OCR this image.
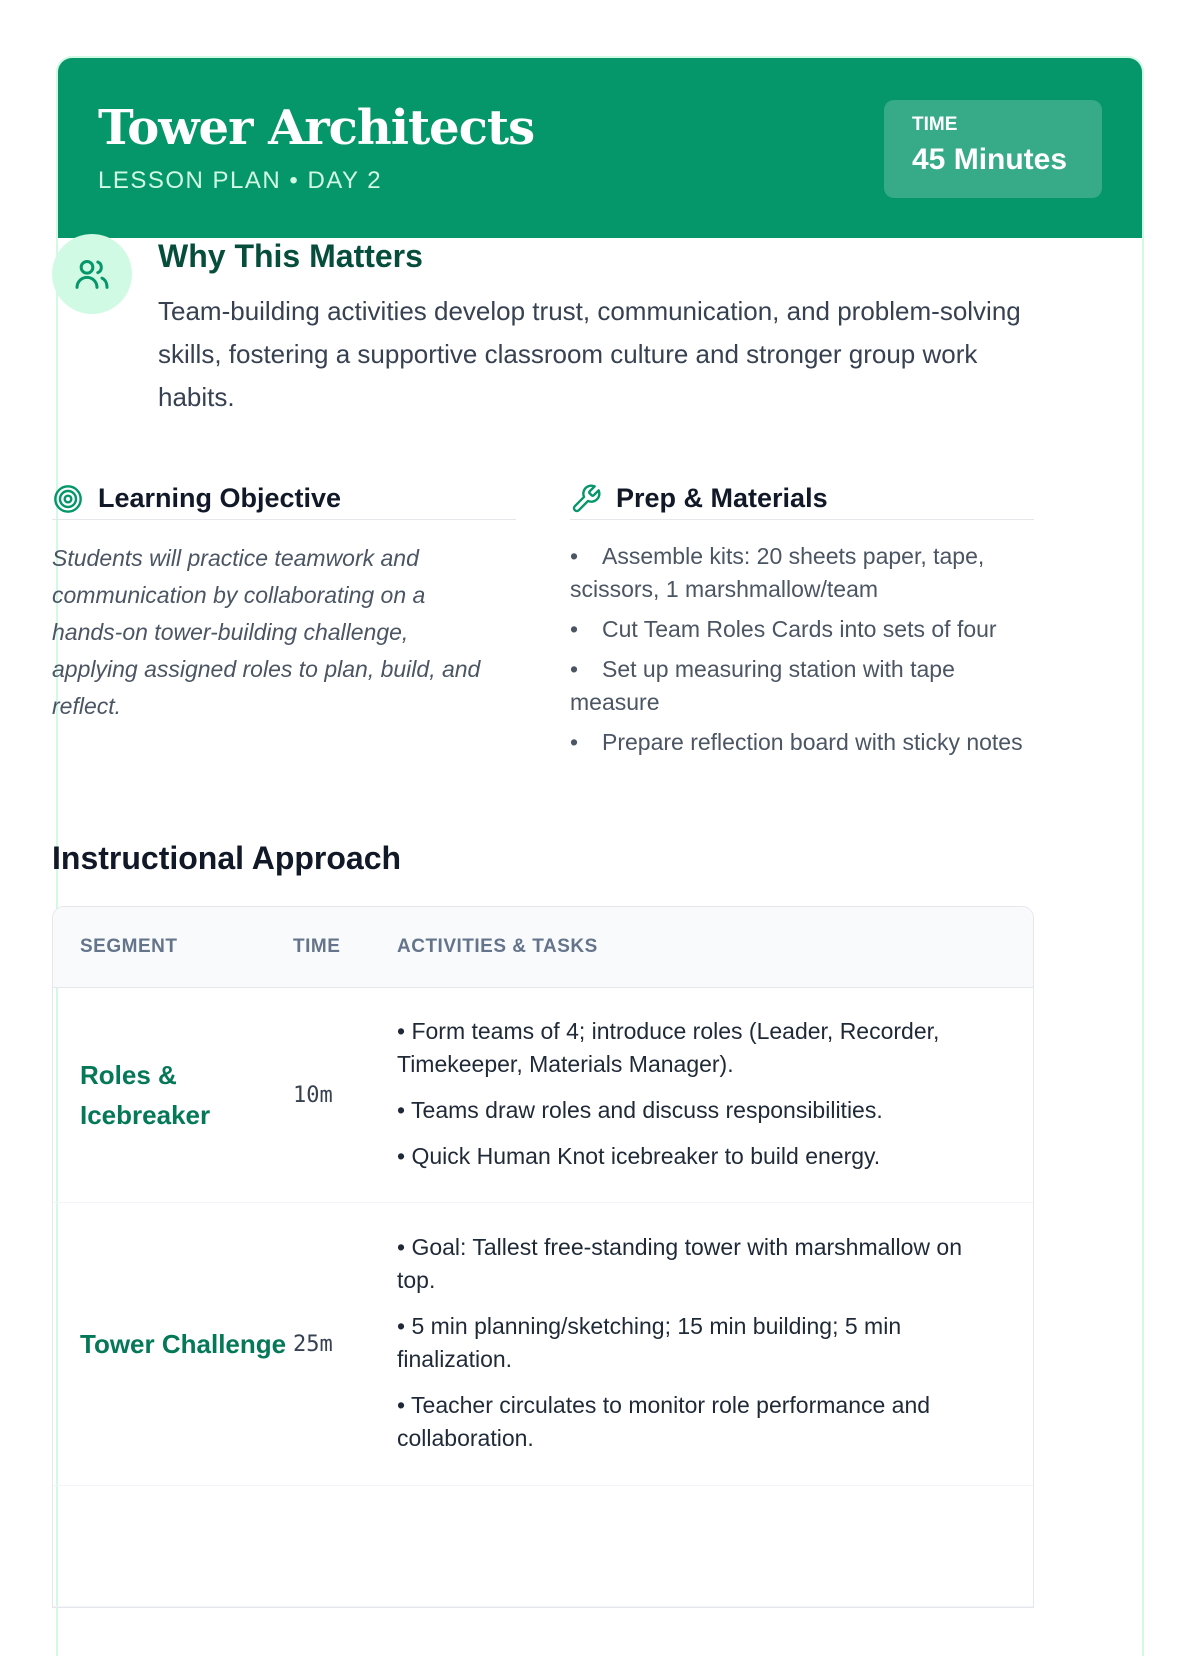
Tower Architects
LESSON PLAN • DAY 2
TIME
45 Minutes
Why This Matters
Team-building activities develop trust, communication, and problem-solving skills, fostering a supportive classroom culture and stronger group work habits.
Learning Objective
Students will practice teamwork and communication by collaborating on a hands-on tower-building challenge, applying assigned roles to plan, build, and reflect.
Prep & Materials
• Assemble kits: 20 sheets paper, tape, scissors, 1 marshmallow/team
• Cut Team Roles Cards into sets of four
• Set up measuring station with tape measure
• Prepare reflection board with sticky notes
Instructional Approach
SEGMENT	TIME	ACTIVITIES & TASKS
Roles & Icebreaker
10m
• Form teams of 4; introduce roles (Leader, Recorder, Timekeeper, Materials Manager).
• Teams draw roles and discuss responsibilities.
• Quick Human Knot icebreaker to build energy.
Tower Challenge 25m
• Goal: Tallest free-standing tower with marshmallow on top.
• 5 min planning/sketching; 15 min building; 5 min finalization.
• Teacher circulates to monitor role performance and collaboration.
